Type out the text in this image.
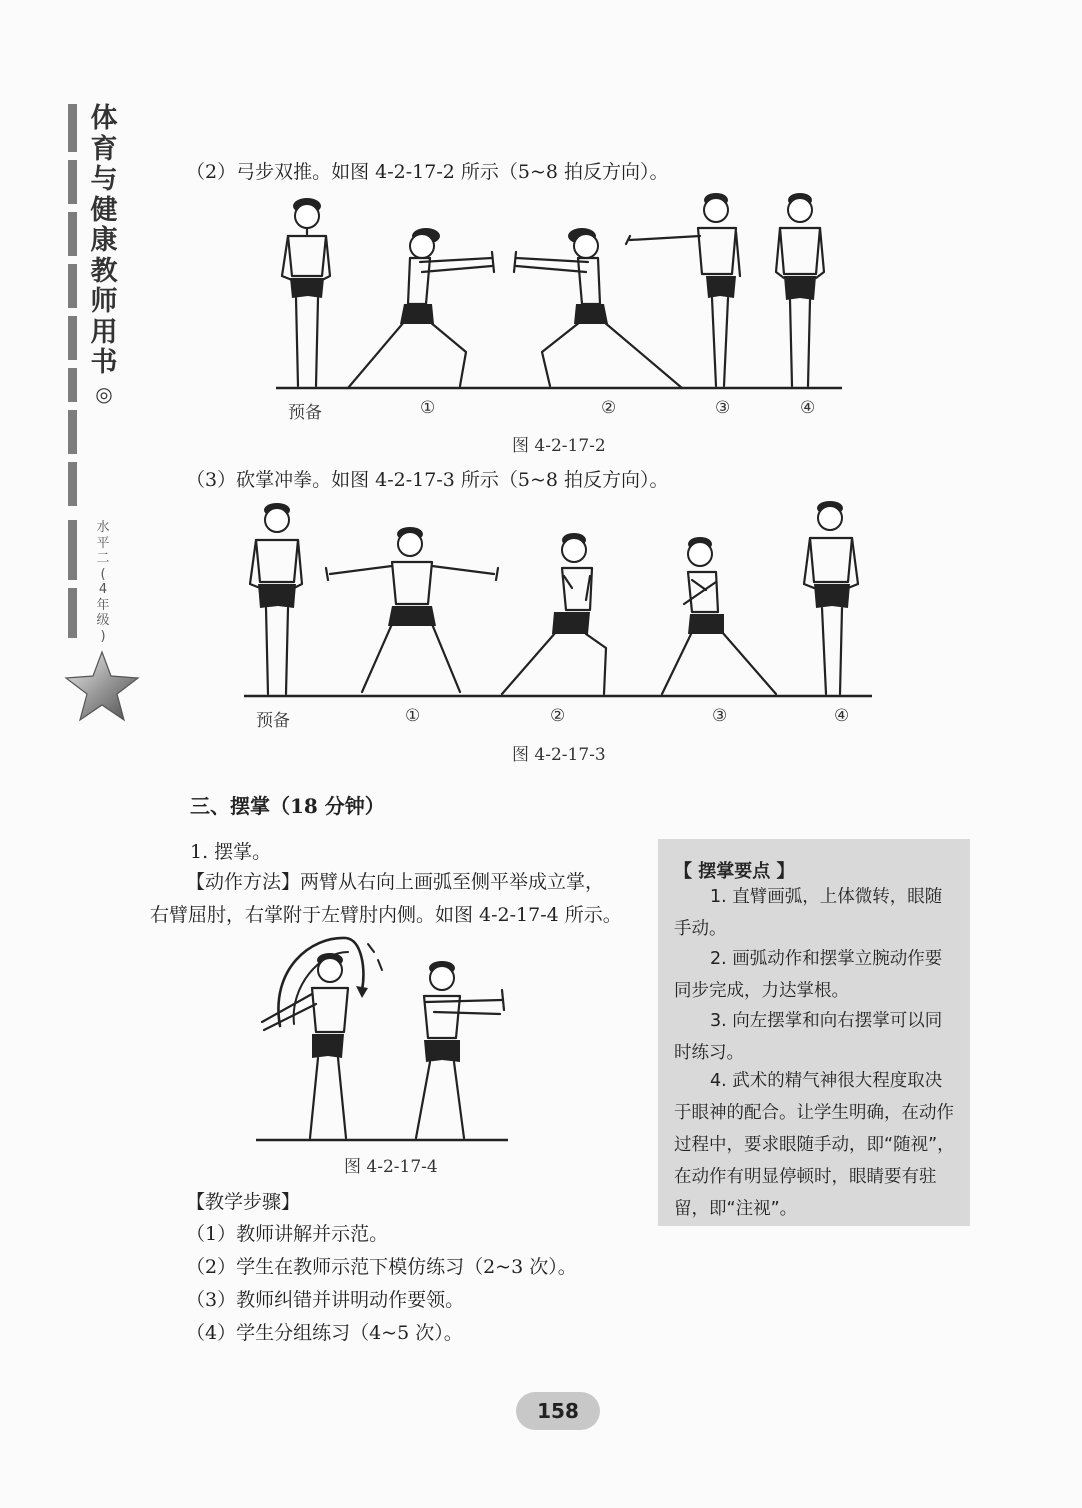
体
育
与
健
康
教
师
用
书
◎
水
平
二
(
4
年
级
)
（2）弓步双推。如图 4-2-17-2 所示（5~8 拍反方向）。
预备	①	②	③	④
图 4-2-17-2
（3）砍掌冲拳。如图 4-2-17-3 所示（5~8 拍反方向）。
预备	①	②	③	④
图 4-2-17-3
三、摆掌（18 分钟）
1. 摆掌。
【动作方法】两臂从右向上画弧至侧平举成立掌，
右臂屈肘，右掌附于左臂肘内侧。如图 4-2-17-4 所示。
图 4-2-17-4
【教学步骤】
（1）教师讲解并示范。
（2）学生在教师示范下模仿练习（2~3 次）。
（3）教师纠错并讲明动作要领。
（4）学生分组练习（4~5 次）。
【 摆掌要点 】
1. 直臂画弧，上体微转，眼随手动。
2. 画弧动作和摆掌立腕动作要同步完成，力达掌根。
3. 向左摆掌和向右摆掌可以同时练习。
4. 武术的精气神很大程度取决于眼神的配合。让学生明确，在动作过程中，要求眼随手动，即“随视”，在动作有明显停顿时，眼睛要有驻留，即“注视”。
158
